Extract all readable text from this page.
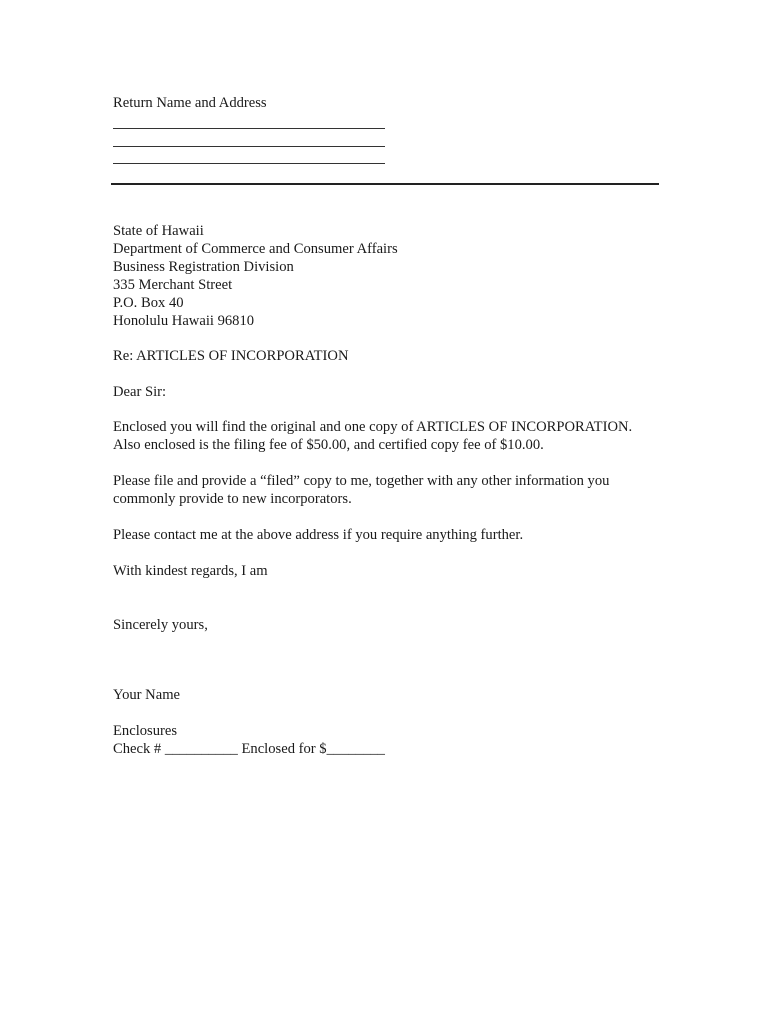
Return Name and Address
State of Hawaii
Department of Commerce and Consumer Affairs
Business Registration Division
335 Merchant Street
P.O. Box 40
Honolulu Hawaii 96810
Re: ARTICLES OF INCORPORATION
Dear Sir:
Enclosed you will find the original and one copy of ARTICLES OF INCORPORATION.
Also enclosed is the filing fee of $50.00, and certified copy fee of $10.00.
Please file and provide a “filed” copy to me, together with any other information you
commonly provide to new incorporators.
Please contact me at the above address if you require anything further.
With kindest regards, I am
Sincerely yours,
Your Name
Enclosures
Check # __________ Enclosed for $________
